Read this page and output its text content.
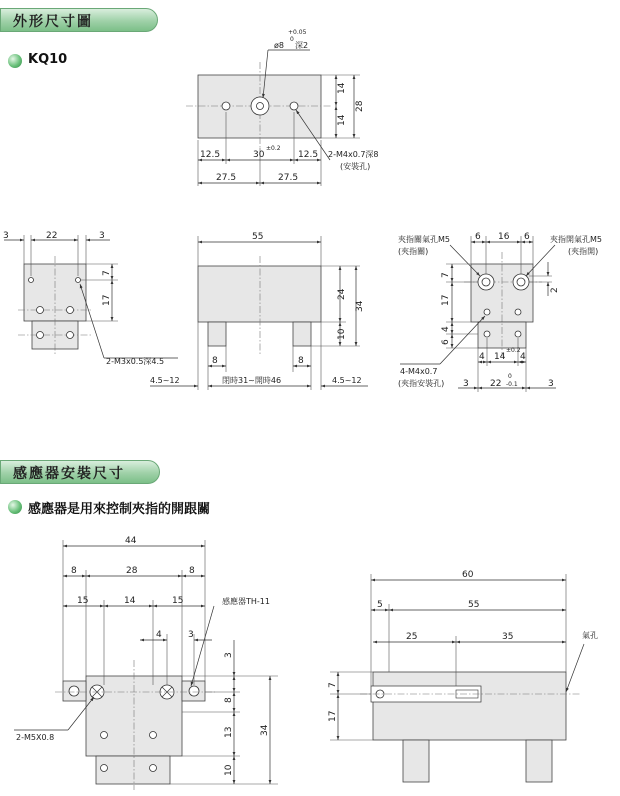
外形尺寸圖
KQ10
感應器安裝尺寸
感應器是用來控制夾指的開跟關
+0.05
0
ø8 深2
12.5	30
±0.2
12.5
27.5	27.5
14
14
28
2-M4x0.7深8
(安裝孔)
3	22	3
7
17
2-M3x0.5深4.5
55
24
10
34
8	8
4.5~12	閉時31~開時46	4.5~12
夾指關氣孔M5
(夾指關)
夾指開氣孔M5
(夾指開)
6 16 6
7
17
4
6
2
4 14
±0.2
4
4-M4x0.7
(夾指安裝孔) 3 22
0
-0.1	3
44
8	28	8
15	14	15
4	3
感應器TH-11
3
8
13
10
34
2-M5X0.8
60
5	55
25	35	氣孔
7
17
